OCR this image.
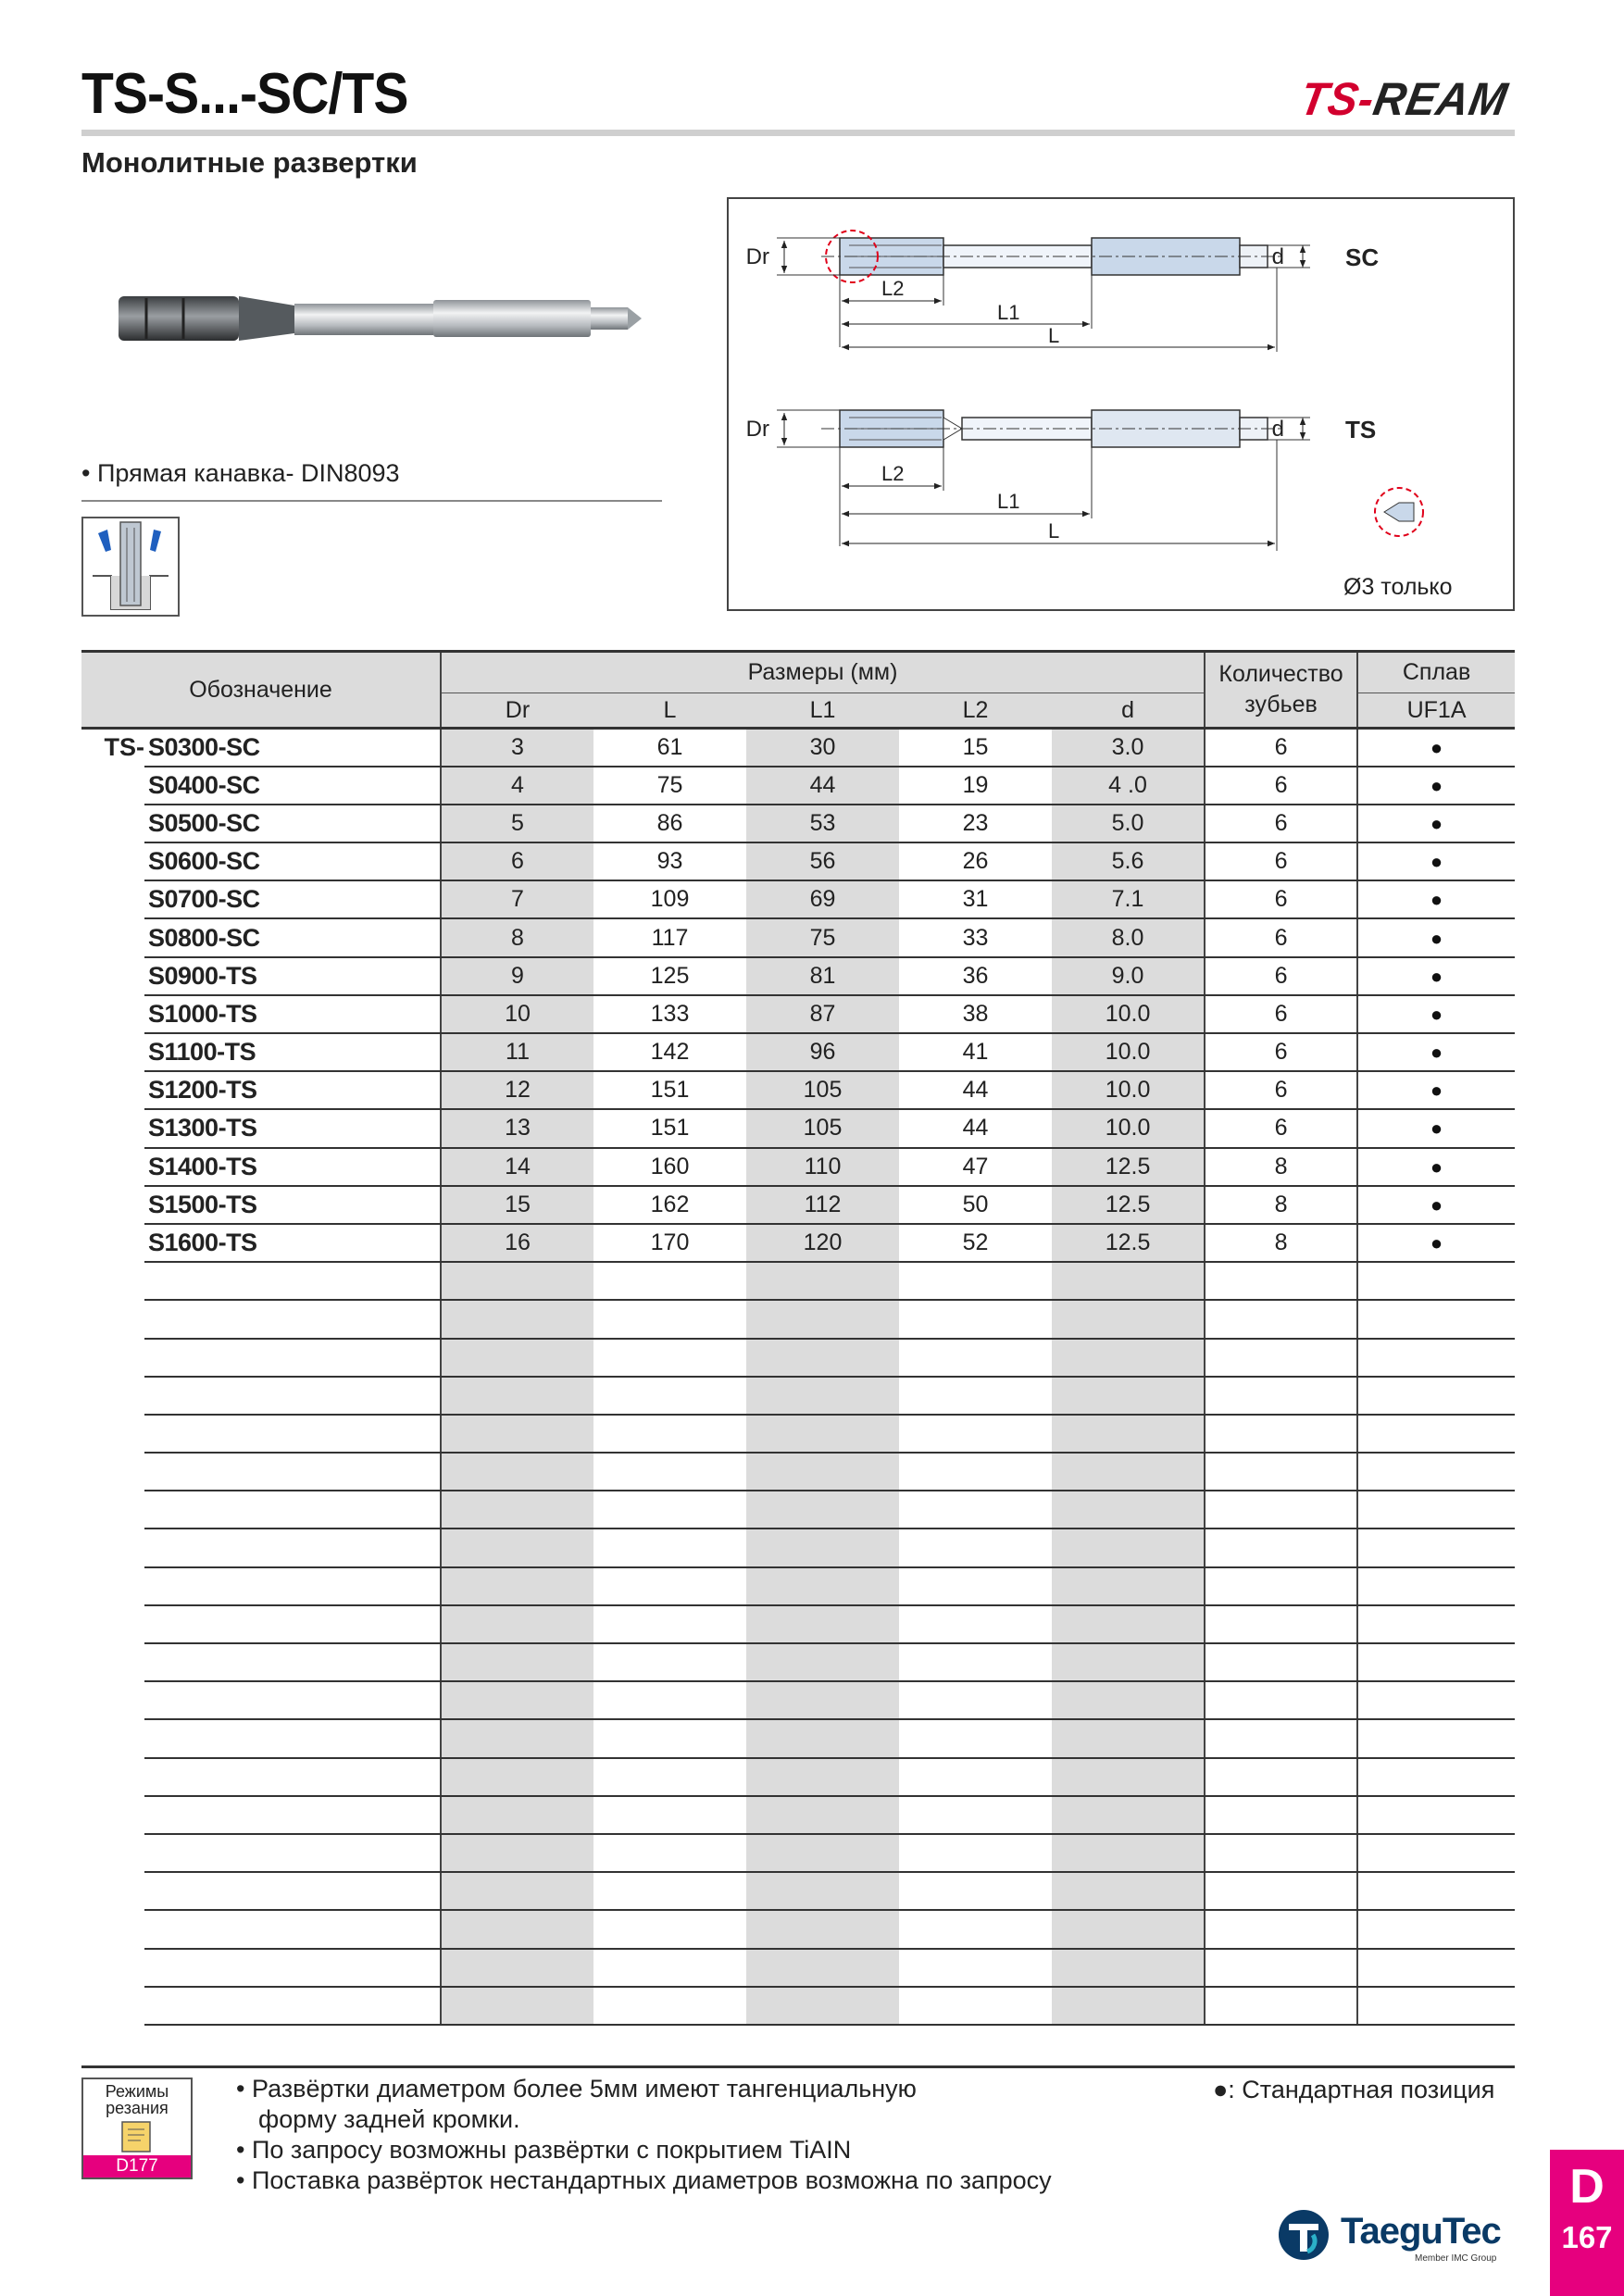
TS-S...-SC/TS	TS-REAM
Монолитные развертки
• Прямая канавка- DIN8093
Dr	d	SC
L2
L1
L
Dr	d	TS
L2
L1
L
Ø3 только
Обозначение		Размеры (мм)					Количество зубьев	Сплав
		Dr	L	L1	L2	d		UF1A
TS-	S0300-SC	3	61	30	15	3.0	6	●
	S0400-SC	4	75	44	19	4 .0	6	●
	S0500-SC	5	86	53	23	5.0	6	●
	S0600-SC	6	93	56	26	5.6	6	●
	S0700-SC	7	109	69	31	7.1	6	●
	S0800-SC	8	117	75	33	8.0	6	●
	S0900-TS	9	125	81	36	9.0	6	●
	S1000-TS	10	133	87	38	10.0	6	●
	S1100-TS	11	142	96	41	10.0	6	●
	S1200-TS	12	151	105	44	10.0	6	●
	S1300-TS	13	151	105	44	10.0	6	●
	S1400-TS	14	160	110	47	12.5	8	●
	S1500-TS	15	162	112	50	12.5	8	●
	S1600-TS	16	170	120	52	12.5	8	●

Режимы резания
D177
• Развёртки диаметром более 5мм имеют тангенциальную
форму задней кромки.
• По запросу возможны развёртки с покрытием TiAIN
• Поставка развёрток нестандартных диаметров возможна по запросу
●: Стандартная позиция
TaeguTec
Member IMC Group
D
167
